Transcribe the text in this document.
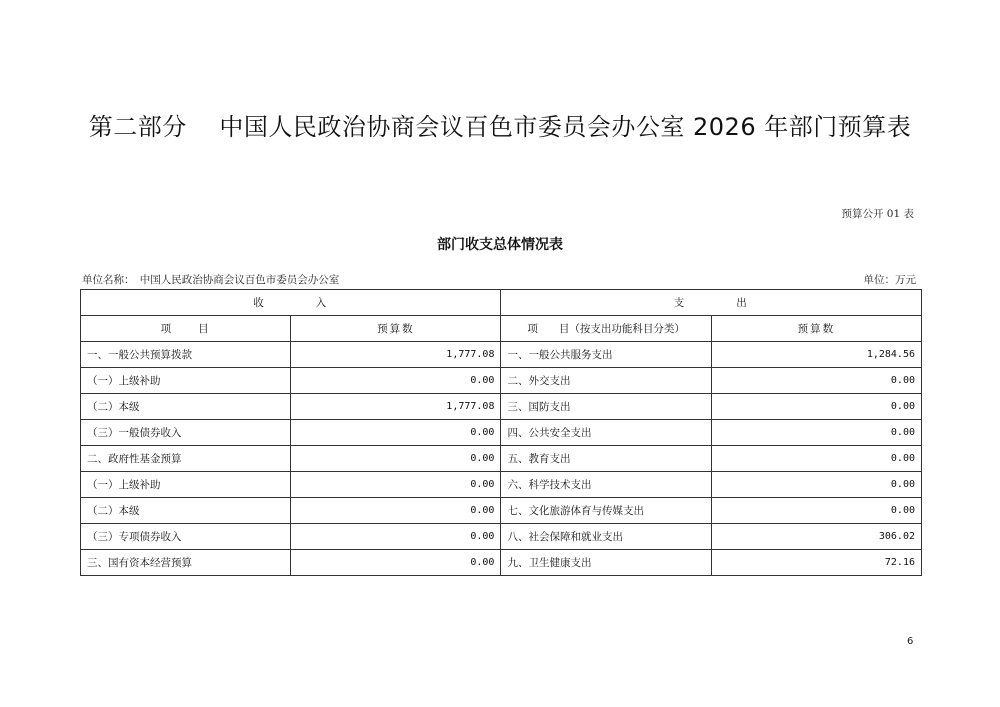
第二部分　 中国人民政治协商会议百色市委员会办公室 2026 年部门预算表
预算公开 01 表
部门收支总体情况表
单位名称：　中国人民政治协商会议百色市委员会办公室	单位：万元
收　　　　入		支　　　　出	
项　　目	预算数	项　　目（按支出功能科目分类）	预算数
一、一般公共预算拨款	1,777.08	一、一般公共服务支出	1,284.56
（一）上级补助	0.00	二、外交支出	0.00
（二）本级	1,777.08	三、国防支出	0.00
（三）一般债券收入	0.00	四、公共安全支出	0.00
二、政府性基金预算	0.00	五、教育支出	0.00
（一）上级补助	0.00	六、科学技术支出	0.00
（二）本级	0.00	七、文化旅游体育与传媒支出	0.00
（三）专项债券收入	0.00	八、社会保障和就业支出	306.02
三、国有资本经营预算	0.00	九、卫生健康支出	72.16
6
